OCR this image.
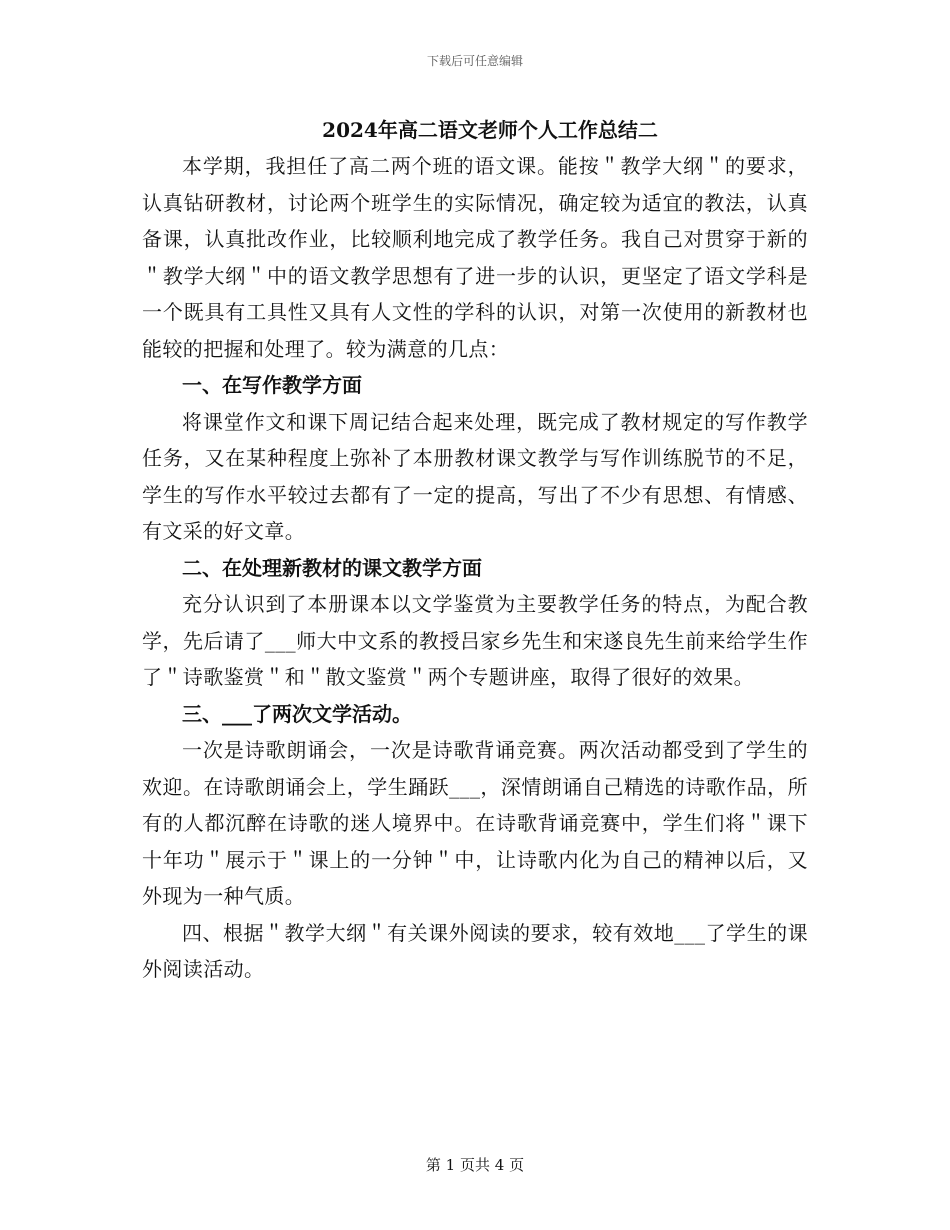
下载后可任意编辑
2024年高二语文老师个人工作总结二

本学期，我担任了高二两个班的语文课。能按＂教学大纲＂的要求，认真钻研教材，讨论两个班学生的实际情况，确定较为适宜的教法，认真备课，认真批改作业，比较顺利地完成了教学任务。我自己对贯穿于新的＂教学大纲＂中的语文教学思想有了进一步的认识，更坚定了语文学科是一个既具有工具性又具有人文性的学科的认识，对第一次使用的新教材也能较的把握和处理了。较为满意的几点：

一、在写作教学方面

将课堂作文和课下周记结合起来处理，既完成了教材规定的写作教学任务，又在某种程度上弥补了本册教材课文教学与写作训练脱节的不足，学生的写作水平较过去都有了一定的提高，写出了不少有思想、有情感、有文采的好文章。

二、在处理新教材的课文教学方面

充分认识到了本册课本以文学鉴赏为主要教学任务的特点，为配合教学，先后请了___师大中文系的教授吕家乡先生和宋遂良先生前来给学生作了＂诗歌鉴赏＂和＂散文鉴赏＂两个专题讲座，取得了很好的效果。

三、___了两次文学活动。

一次是诗歌朗诵会，一次是诗歌背诵竞赛。两次活动都受到了学生的欢迎。在诗歌朗诵会上，学生踊跃___，深情朗诵自己精选的诗歌作品，所有的人都沉醉在诗歌的迷人境界中。在诗歌背诵竞赛中，学生们将＂课下十年功＂展示于＂课上的一分钟＂中，让诗歌内化为自己的精神以后，又外现为一种气质。

四、根据＂教学大纲＂有关课外阅读的要求，较有效地___了学生的课外阅读活动。

第 1 页共 4 页
